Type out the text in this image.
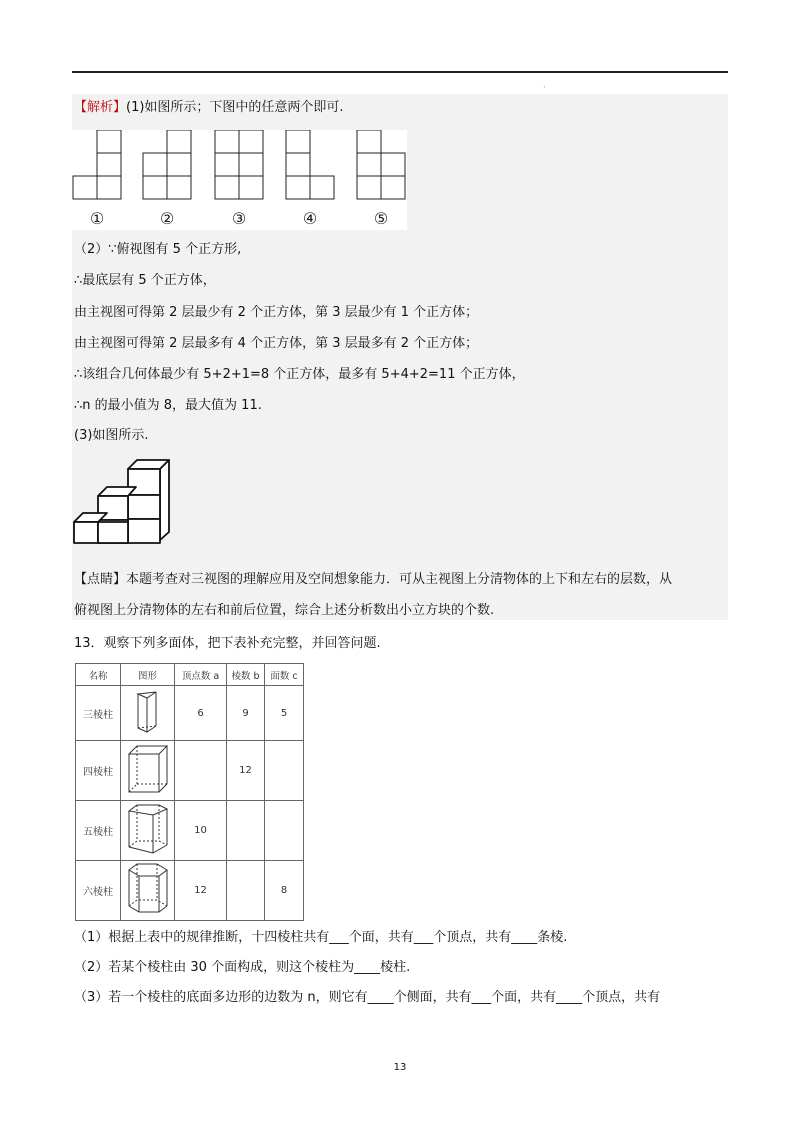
·
【解析】(1)如图所示；下图中的任意两个即可.
①	②	③	④	⑤
（2）∵俯视图有 5 个正方形,
∴最底层有 5 个正方体，
由主视图可得第 2 层最少有 2 个正方体，第 3 层最少有 1 个正方体；
由主视图可得第 2 层最多有 4 个正方体，第 3 层最多有 2 个正方体；
∴该组合几何体最少有 5+2+1=8 个正方体，最多有 5+4+2=11 个正方体，
∴n 的最小值为 8，最大值为 11.
(3)如图所示.
【点睛】本题考查对三视图的理解应用及空间想象能力．可从主视图上分清物体的上下和左右的层数，从
俯视图上分清物体的左右和前后位置，综合上述分析数出小立方块的个数.
13．观察下列多面体，把下表补充完整，并回答问题.
名称	图形	顶点数 a	棱数 b	面数 c
三棱柱		6	9	5
四棱柱			12	
五棱柱		10		
六棱柱		12		8
（1）根据上表中的规律推断，十四棱柱共有___个面，共有___个顶点，共有____条棱.
（2）若某个棱柱由 30 个面构成，则这个棱柱为____棱柱.
（3）若一个棱柱的底面多边形的边数为 n，则它有____个侧面，共有___个面，共有____个顶点，共有
13
